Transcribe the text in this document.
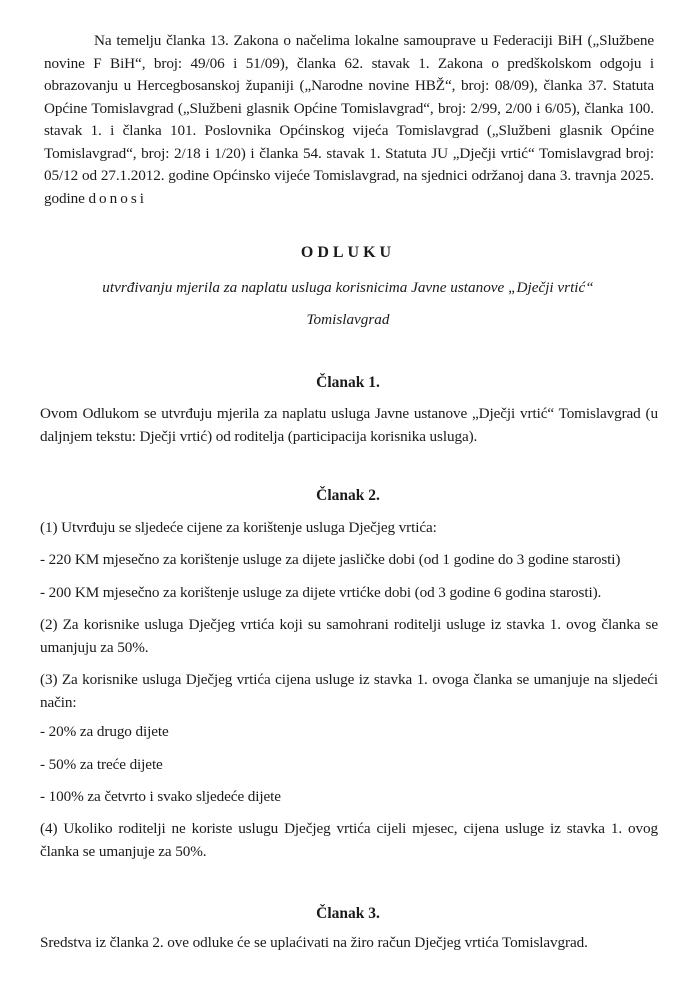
Na temelju članka 13. Zakona o načelima lokalne samouprave u Federaciji BiH („Službene novine F BiH“, broj: 49/06 i 51/09), članka 62. stavak 1. Zakona o predškolskom odgoju i obrazovanju u Hercegbosanskoj županiji („Narodne novine HBŽ“, broj: 08/09), članka 37. Statuta Općine Tomislavgrad („Službeni glasnik Općine Tomislavgrad“, broj: 2/99, 2/00 i 6/05), članka 100. stavak 1. i članka 101. Poslovnika Općinskog vijeća Tomislavgrad („Službeni glasnik Općine Tomislavgrad“, broj: 2/18 i 1/20) i članka 54. stavak 1. Statuta JU „Dječji vrtić“ Tomislavgrad broj: 05/12 od 27.1.2012. godine Općinsko vijeće Tomislavgrad, na sjednici održanoj dana 3. travnja 2025. godine donosi

ODLUKU

utvrđivanju mjerila za naplatu usluga korisnicima Javne ustanove „Dječji vrtić“

Tomislavgrad

Članak 1.

Ovom Odlukom se utvrđuju mjerila za naplatu usluga Javne ustanove „Dječji vrtić“ Tomislavgrad (u daljnjem tekstu: Dječji vrtić) od roditelja (participacija korisnika usluga).

Članak 2.

(1) Utvrđuju se sljedeće cijene za korištenje usluga Dječjeg vrtića:

- 220 KM mjesečno za korištenje usluge za dijete jasličke dobi (od 1 godine do 3 godine starosti)

- 200 KM mjesečno za korištenje usluge za dijete vrtićke dobi (od 3 godine 6 godina starosti).

(2) Za korisnike usluga Dječjeg vrtića koji su samohrani roditelji usluge iz stavka 1. ovog članka se umanjuju za 50%.

(3) Za korisnike usluga Dječjeg vrtića cijena usluge iz stavka 1. ovoga članka se umanjuje na sljedeći način:

- 20% za drugo dijete

- 50% za treće dijete

- 100% za četvrto i svako sljedeće dijete

(4) Ukoliko roditelji ne koriste uslugu Dječjeg vrtića cijeli mjesec, cijena usluge iz stavka 1. ovog članka se umanjuje za 50%.

Članak 3.

Sredstva iz članka 2. ove odluke će se uplaćivati na žiro račun Dječjeg vrtića Tomislavgrad.
